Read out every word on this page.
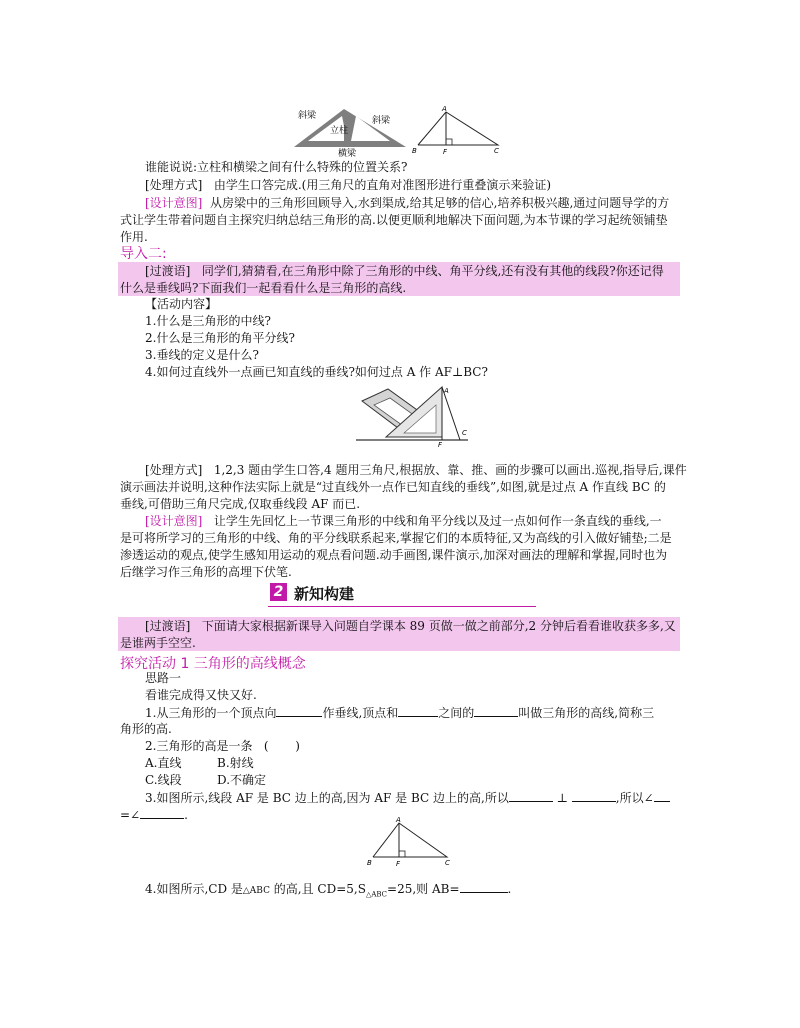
斜梁
立柱
斜梁
横梁
A
B	F	C
谁能说说:立柱和横梁之间有什么特殊的位置关系?
[处理方式] 由学生口答完成.(用三角尺的直角对准图形进行重叠演示来验证)
[设计意图] 从房梁中的三角形回顾导入,水到渠成,给其足够的信心,培养积极兴趣,通过问题导学的方
式让学生带着问题自主探究归纳总结三角形的高.以便更顺利地解决下面问题,为本节课的学习起统领铺垫
作用.
导入二:
[过渡语] 同学们,猜猜看,在三角形中除了三角形的中线、角平分线,还有没有其他的线段?你还记得
什么是垂线吗?下面我们一起看看什么是三角形的高线.
【活动内容】
1.什么是三角形的中线?
2.什么是三角形的角平分线?
3.垂线的定义是什么?
4.如何过直线外一点画已知直线的垂线?如何过点 A 作 AF⊥BC?
A
C
F
[处理方式] 1,2,3 题由学生口答,4 题用三角尺,根据放、靠、推、画的步骤可以画出.巡视,指导后,课件
演示画法并说明,这种作法实际上就是“过直线外一点作已知直线的垂线”,如图,就是过点 A 作直线 BC 的
垂线,可借助三角尺完成,仅取垂线段 AF 而已.
[设计意图] 让学生先回忆上一节课三角形的中线和角平分线以及过一点如何作一条直线的垂线,一
是可将所学习的三角形的中线、角的平分线联系起来,掌握它们的本质特征,又为高线的引入做好铺垫;二是
渗透运动的观点,使学生感知用运动的观点看问题.动手画图,课件演示,加深对画法的理解和掌握,同时也为
后继学习作三角形的高埋下伏笔.
2 新知构建
[过渡语] 下面请大家根据新课导入问题自学课本 89 页做一做之前部分,2 分钟后看看谁收获多多,又
是谁两手空空.
探究活动 1 三角形的高线概念
思路一
看谁完成得又快又好.
1.从三角形的一个顶点向	作垂线,顶点和	之间的	叫做三角形的高线,简称三
角形的高.
2.三角形的高是一条   (       )
A.直线	B.射线
C.线段	D.不确定
3.如图所示,线段 AF 是 BC 边上的高,因为 AF 是 BC 边上的高,所以	⊥	,所以∠
=∠	.	A
B	F	C
4.如图所示,CD 是△ABC 的高,且 $CD=5,S_{\triangle ABC}=25$,则 AB=	.
